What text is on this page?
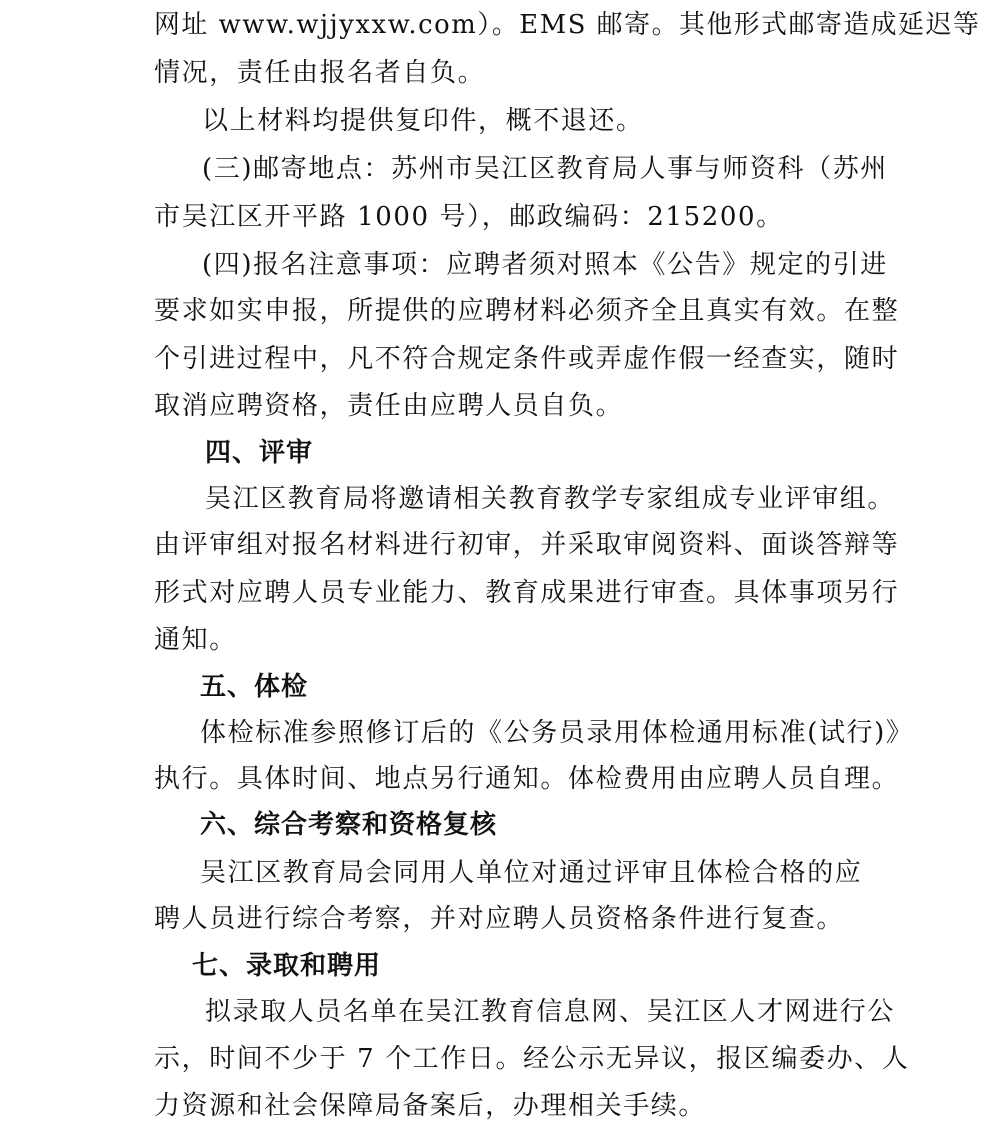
网址 www.wjjyxxw.com）。EMS 邮寄。其他形式邮寄造成延迟等
情况，责任由报名者自负。
以上材料均提供复印件，概不退还。
(三)邮寄地点：苏州市吴江区教育局人事与师资科（苏州
市吴江区开平路 1000 号），邮政编码：215200。
(四)报名注意事项：应聘者须对照本《公告》规定的引进
要求如实申报，所提供的应聘材料必须齐全且真实有效。在整
个引进过程中，凡不符合规定条件或弄虚作假一经查实，随时
取消应聘资格，责任由应聘人员自负。
四、评审
吴江区教育局将邀请相关教育教学专家组成专业评审组。
由评审组对报名材料进行初审，并采取审阅资料、面谈答辩等
形式对应聘人员专业能力、教育成果进行审查。具体事项另行
通知。
五、体检
体检标准参照修订后的《公务员录用体检通用标准(试行)》
执行。具体时间、地点另行通知。体检费用由应聘人员自理。
六、综合考察和资格复核
吴江区教育局会同用人单位对通过评审且体检合格的应
聘人员进行综合考察，并对应聘人员资格条件进行复查。
七、录取和聘用
拟录取人员名单在吴江教育信息网、吴江区人才网进行公
示，时间不少于 7 个工作日。经公示无异议，报区编委办、人
力资源和社会保障局备案后，办理相关手续。
